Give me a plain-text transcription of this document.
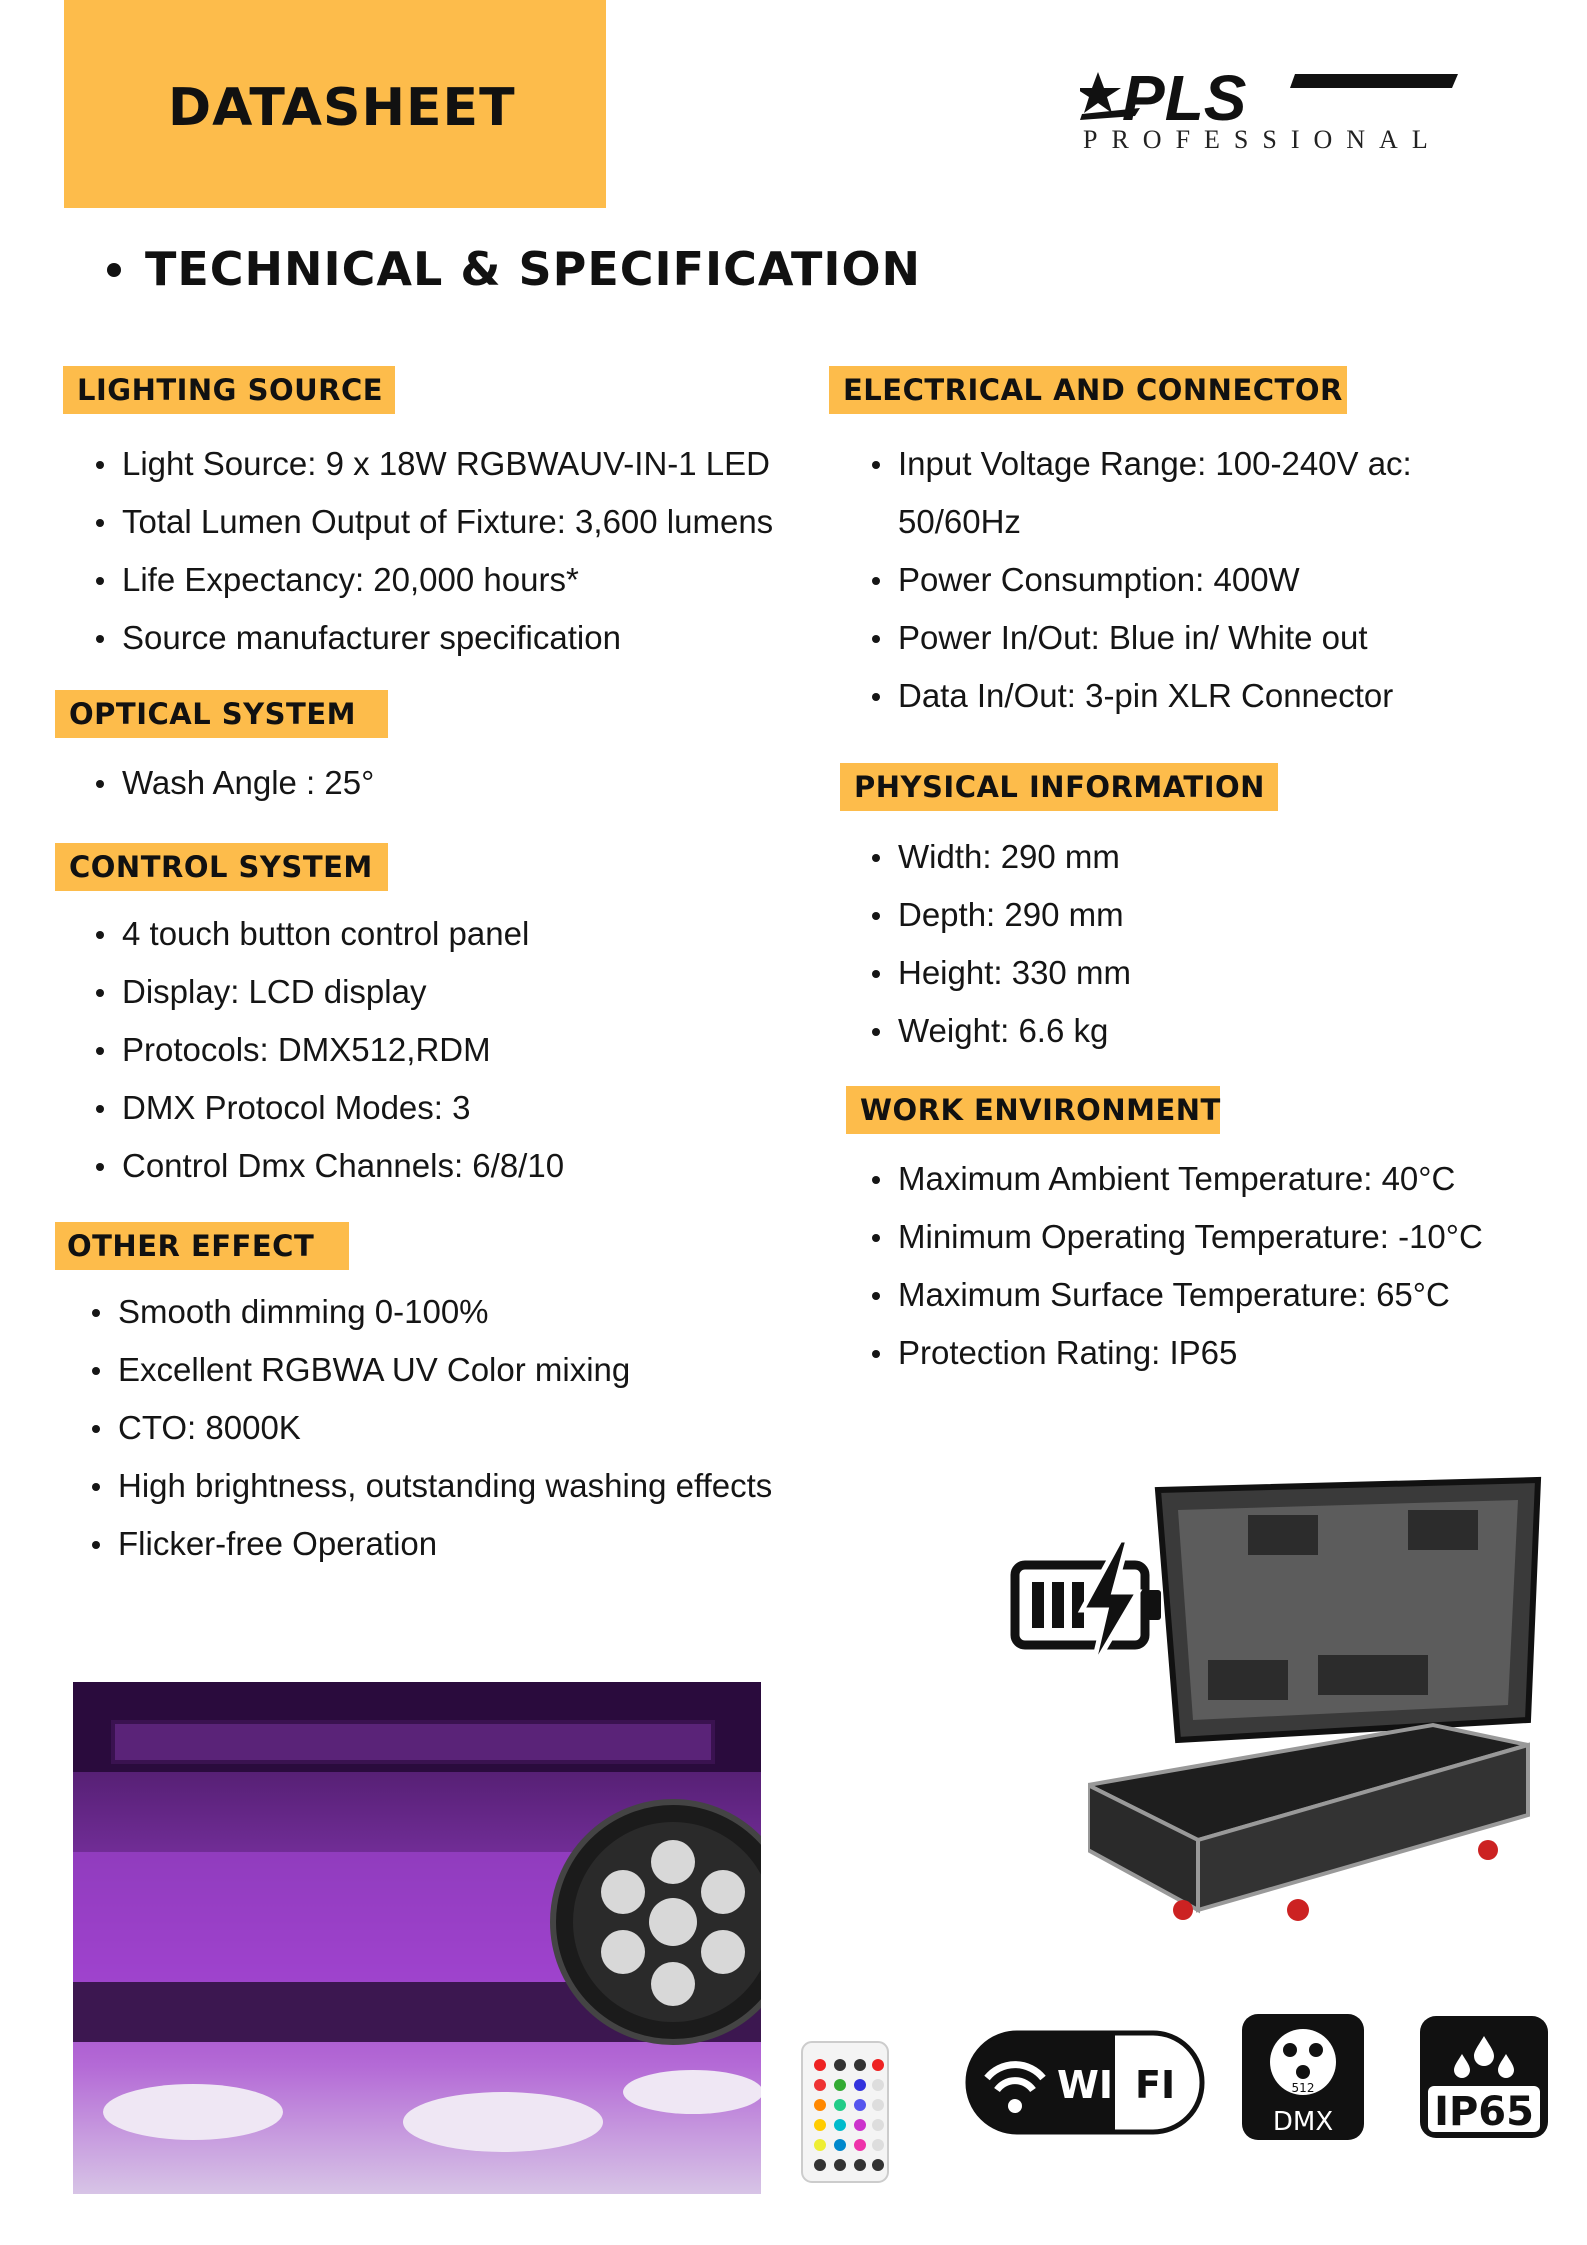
DATASHEET	PLS
PROFESSIONAL
TECHNICAL & SPECIFICATION
LIGHTING SOURCE
Light Source: 9 x 18W RGBWAUV-IN-1 LED
Total Lumen Output of Fixture: 3,600 lumens
Life Expectancy: 20,000 hours*
Source manufacturer specification
OPTICAL SYSTEM
Wash Angle : 25°
CONTROL SYSTEM
4 touch button control panel
Display: LCD display
Protocols: DMX512,RDM
DMX Protocol Modes: 3
Control Dmx Channels: 6/8/10
OTHER EFFECT
Smooth dimming 0-100%
Excellent RGBWA UV Color mixing
CTO: 8000K
High brightness, outstanding washing effects
Flicker-free Operation
ELECTRICAL AND CONNECTOR
Input Voltage Range: 100-240V ac:
50/60Hz
Power Consumption: 400W
Power In/Out: Blue in/ White out
Data In/Out: 3-pin XLR Connector
PHYSICAL INFORMATION
Width: 290 mm
Depth: 290 mm
Height: 330 mm
Weight: 6.6 kg
WORK ENVIRONMENT
Maximum Ambient Temperature: 40°C
Minimum Operating Temperature: -10°C
Maximum Surface Temperature: 65°C
Protection Rating: IP65
WI FI	512
DMX	IP65
